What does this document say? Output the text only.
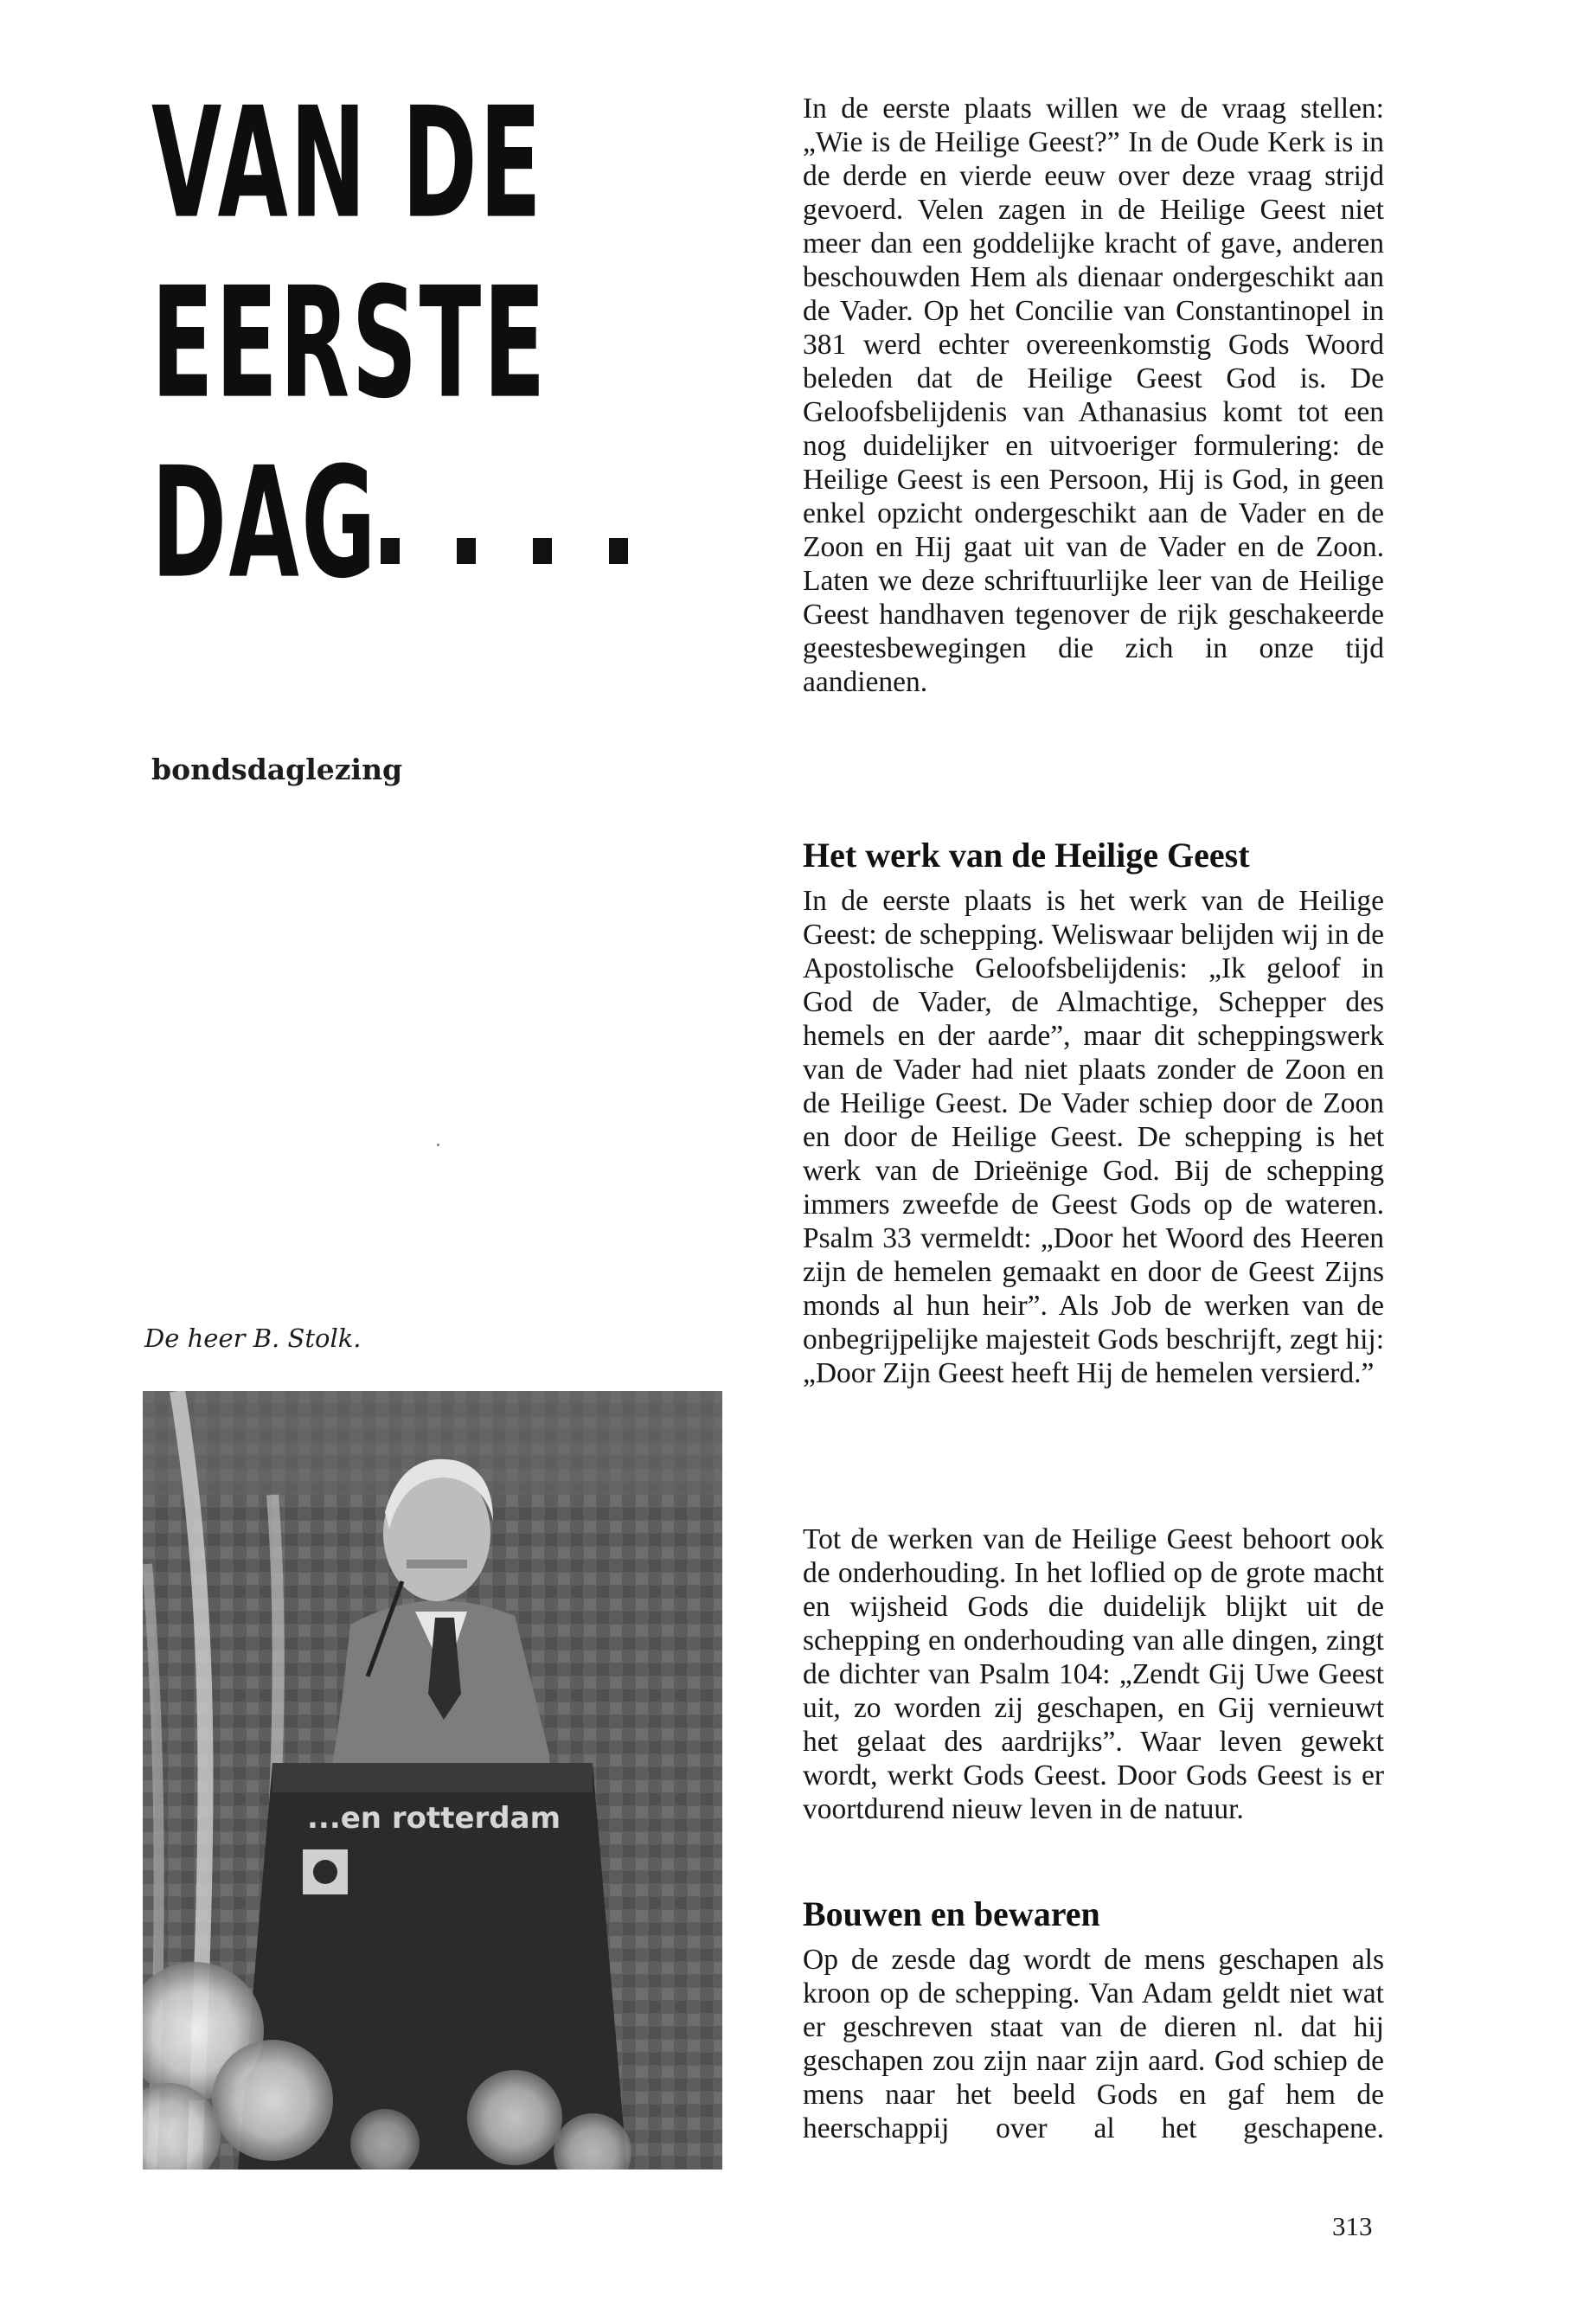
VAN DE
EERSTE
DAG

bondsdaglezing

De heer B. Stolk.

...en rotterdam

In de eerste plaats willen we de vraag stellen: „Wie is de Heilige Geest?” In de Oude Kerk is in de derde en vierde eeuw over deze vraag strijd gevoerd. Velen zagen in de Heilige Geest niet meer dan een goddelijke kracht of gave, anderen beschouwden Hem als dienaar ondergeschikt aan de Vader. Op het Concilie van Constantinopel in 381 werd echter overeenkomstig Gods Woord beleden dat de Heilige Geest God is. De Geloofsbelijdenis van Athanasius komt tot een nog duidelijker en uitvoeriger formulering: de Heilige Geest is een Persoon, Hij is God, in geen enkel opzicht ondergeschikt aan de Vader en de Zoon en Hij gaat uit van de Vader en de Zoon. Laten we deze schriftuurlijke leer van de Heilige Geest handhaven tegenover de rijk geschakeerde geestesbewegingen die zich in onze tijd aandienen.

Het werk van de Heilige Geest

In de eerste plaats is het werk van de Heilige Geest: de schepping. Weliswaar belijden wij in de Apostolische Geloofsbelijdenis: „Ik geloof in God de Vader, de Almachtige, Schepper des hemels en der aarde”, maar dit scheppingswerk van de Vader had niet plaats zonder de Zoon en de Heilige Geest. De Vader schiep door de Zoon en door de Heilige Geest. De schepping is het werk van de Drieënige God. Bij de schepping immers zweefde de Geest Gods op de wateren. Psalm 33 vermeldt: „Door het Woord des Heeren zijn de hemelen gemaakt en door de Geest Zijns monds al hun heir”. Als Job de werken van de onbegrijpelijke majesteit Gods beschrijft, zegt hij: „Door Zijn Geest heeft Hij de hemelen versierd.”

Tot de werken van de Heilige Geest behoort ook de onderhouding. In het loflied op de grote macht en wijsheid Gods die duidelijk blijkt uit de schepping en onderhouding van alle dingen, zingt de dichter van Psalm 104: „Zendt Gij Uwe Geest uit, zo worden zij geschapen, en Gij vernieuwt het gelaat des aardrijks”. Waar leven gewekt wordt, werkt Gods Geest. Door Gods Geest is er voortdurend nieuw leven in de natuur.

Bouwen en bewaren

Op de zesde dag wordt de mens geschapen als kroon op de schepping. Van Adam geldt niet wat er geschreven staat van de dieren nl. dat hij geschapen zou zijn naar zijn aard. God schiep de mens naar het beeld Gods en gaf hem de heerschappij over al het geschapene.

313
